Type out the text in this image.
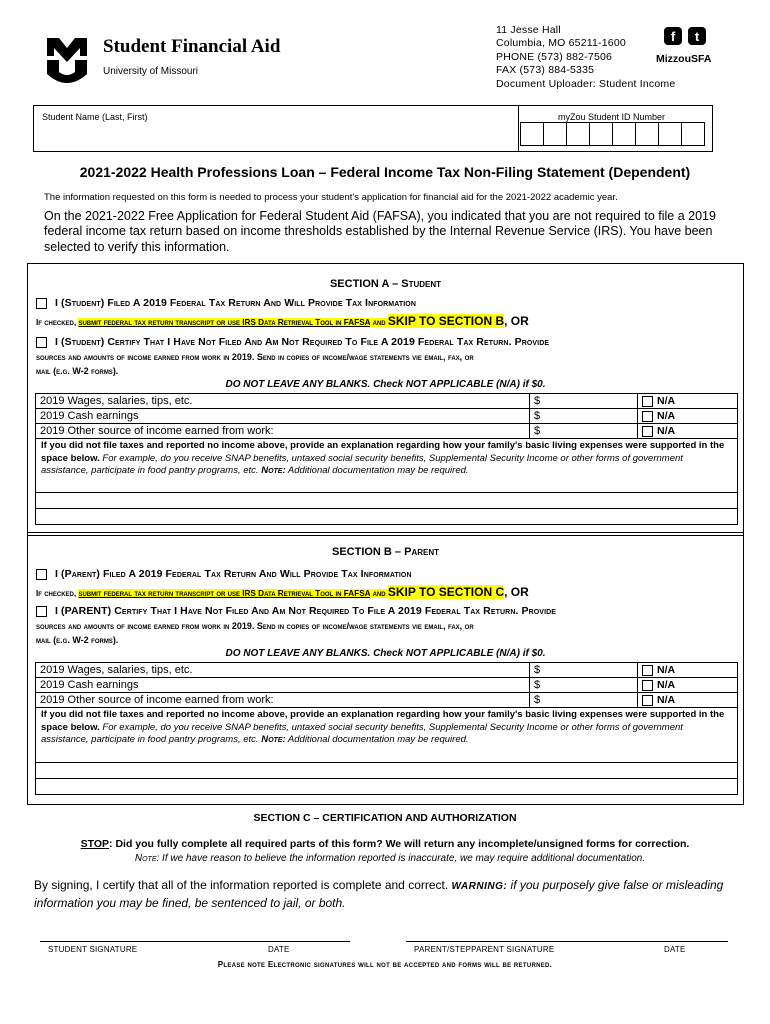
Student Financial Aid
University of Missouri
11 Jesse Hall
Columbia, MO 65211-1600
PHONE (573) 882-7506
FAX (573) 884-5335
Document Uploader: Student Income
f	t
MizzouSFA
Student Name (Last, First)	myZou Student ID Number
2021-2022 Health Professions Loan – Federal Income Tax Non-Filing Statement (Dependent)
The information requested on this form is needed to process your student's application for financial aid for the 2021-2022 academic year.
On the 2021-2022 Free Application for Federal Student Aid (FAFSA), you indicated that you are not required to file a 2019 federal income tax return based on income thresholds established by the Internal Revenue Service (IRS). You have been selected to verify this information.
SECTION A – Student
I (Student) Filed A 2019 Federal Tax Return And Will Provide Tax Information
If checked, submit federal tax return transcript or use IRS Data Retrieval Tool in FAFSA and SKIP TO SECTION B, OR
I (Student) Certify That I Have Not Filed And Am Not Required To File A 2019 Federal Tax Return. Provide
sources and amounts of income earned from work in 2019. Send in copies of income/wage statements vie email, fax, or
mail (e.g. W-2 forms).
DO NOT LEAVE ANY BLANKS. Check NOT APPLICABLE (N/A) if $0.
2019 Wages, salaries, tips, etc.	$	N/A

2019 Cash earnings	$	N/A

2019 Other source of income earned from work:	$	N/A
If you did not file taxes and reported no income above, provide an explanation regarding how your family's basic living expenses were supported in the space below. For example, do you receive SNAP benefits, untaxed social security benefits, Supplemental Security Income or other forms of government assistance, participate in food pantry programs, etc. Note: Additional documentation may be required.
SECTION B – Parent
I (Parent) Filed A 2019 Federal Tax Return And Will Provide Tax Information
If checked, submit federal tax return transcript or use IRS Data Retrieval Tool in FAFSA and SKIP TO SECTION C, OR
I (PARENT) Certify That I Have Not Filed And Am Not Required To File A 2019 Federal Tax Return. Provide
sources and amounts of income earned from work in 2019. Send in copies of income/wage statements vie email, fax, or
mail (e.g. W-2 forms).
DO NOT LEAVE ANY BLANKS. Check NOT APPLICABLE (N/A) if $0.
2019 Wages, salaries, tips, etc.	$	N/A

2019 Cash earnings	$	N/A

2019 Other source of income earned from work:	$	N/A
If you did not file taxes and reported no income above, provide an explanation regarding how your family's basic living expenses were supported in the space below. For example, do you receive SNAP benefits, untaxed social security benefits, Supplemental Security Income or other forms of government assistance, participate in food pantry programs, etc. Note: Additional documentation may be required.
SECTION C – CERTIFICATION AND AUTHORIZATION
STOP: Did you fully complete all required parts of this form? We will return any incomplete/unsigned forms for correction.
Note: If we have reason to believe the information reported is inaccurate, we may require additional documentation.
By signing, I certify that all of the information reported is complete and correct. WARNING: if you purposely give false or misleading information you may be fined, be sentenced to jail, or both.
STUDENT SIGNATURE	DATE	PARENT/STEPPARENT SIGNATURE	DATE
Please note Electronic signatures will not be accepted and forms will be returned.
